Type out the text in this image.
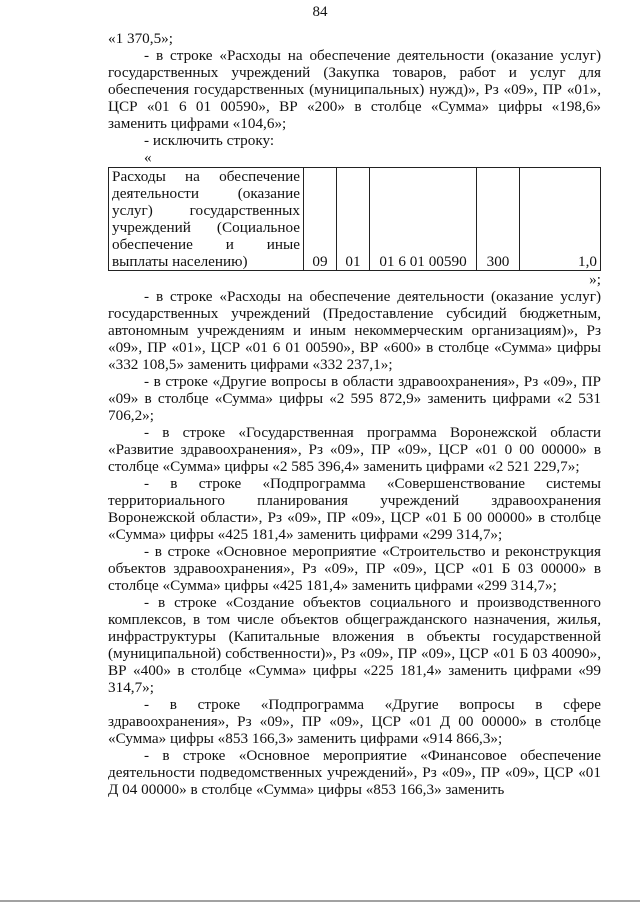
84

«1 370,5»;

- в строке «Расходы на обеспечение деятельности (оказание услуг) государственных учреждений (Закупка товаров, работ и услуг для обеспечения государственных (муниципальных) нужд)», Рз «09», ПР «01», ЦСР «01 6 01 00590», ВР «200» в столбце «Сумма» цифры «198,6» заменить цифрами «104,6»;

- исключить строку:

«

Расходы на обеспечение деятельности (оказание услуг) государственных учреждений (Социальное обеспечение и иные выплаты населению)	09	01	01 6 01 00590	300	1,0

»;

- в строке «Расходы на обеспечение деятельности (оказание услуг) государственных учреждений (Предоставление субсидий бюджетным, автономным учреждениям и иным некоммерческим организациям)», Рз «09», ПР «01», ЦСР «01 6 01 00590», ВР «600» в столбце «Сумма» цифры «332 108,5» заменить цифрами «332 237,1»;

- в строке «Другие вопросы в области здравоохранения», Рз «09», ПР «09» в столбце «Сумма» цифры «2 595 872,9» заменить цифрами «2 531 706,2»;

- в строке «Государственная программа Воронежской области «Развитие здравоохранения», Рз «09», ПР «09», ЦСР «01 0 00 00000» в столбце «Сумма» цифры «2 585 396,4» заменить цифрами «2 521 229,7»;

- в строке «Подпрограмма «Совершенствование системы территориального планирования учреждений здравоохранения Воронежской области», Рз «09», ПР «09», ЦСР «01 Б 00 00000» в столбце «Сумма» цифры «425 181,4» заменить цифрами «299 314,7»;

- в строке «Основное мероприятие «Строительство и реконструкция объектов здравоохранения», Рз «09», ПР «09», ЦСР «01 Б 03 00000» в столбце «Сумма» цифры «425 181,4» заменить цифрами «299 314,7»;

- в строке «Создание объектов социального и производственного комплексов, в том числе объектов общегражданского назначения, жилья, инфраструктуры (Капитальные вложения в объекты государственной (муниципальной) собственности)», Рз «09», ПР «09», ЦСР «01 Б 03 40090», ВР «400» в столбце «Сумма» цифры «225 181,4» заменить цифрами «99 314,7»;

- в строке «Подпрограмма «Другие вопросы в сфере здравоохранения», Рз «09», ПР «09», ЦСР «01 Д 00 00000» в столбце «Сумма» цифры «853 166,3» заменить цифрами «914 866,3»;

- в строке «Основное мероприятие «Финансовое обеспечение деятельности подведомственных учреждений», Рз «09», ПР «09», ЦСР «01 Д 04 00000» в столбце «Сумма» цифры «853 166,3» заменить
